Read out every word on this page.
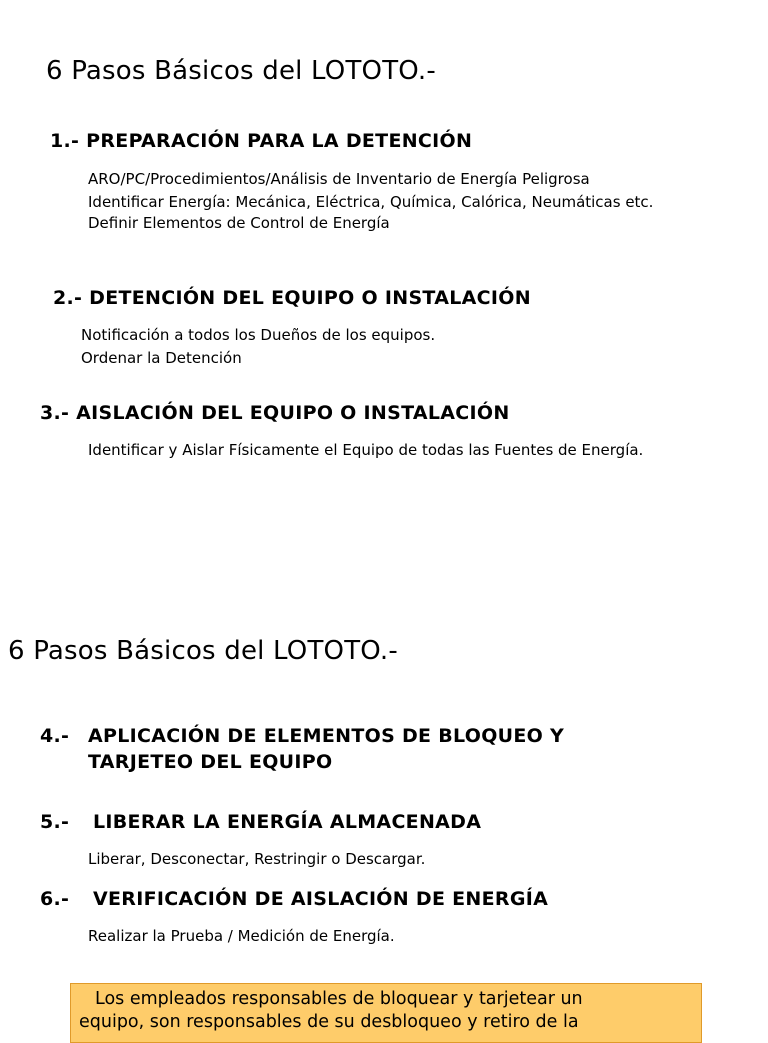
6 Pasos Básicos del LOTOTO.-
1.- PREPARACIÓN PARA LA DETENCIÓN
ARO/PC/Procedimientos/Análisis de Inventario de Energía Peligrosa
Identificar Energía: Mecánica, Eléctrica, Química, Calórica, Neumáticas etc.
Definir Elementos de Control de Energía
2.- DETENCIÓN DEL EQUIPO O INSTALACIÓN
Notificación a todos los Dueños de los equipos.
Ordenar la Detención
3.- AISLACIÓN DEL EQUIPO O INSTALACIÓN
Identificar y Aislar Físicamente el Equipo de todas las Fuentes de Energía.
6 Pasos Básicos del LOTOTO.-
4.- APLICACIÓN DE ELEMENTOS DE BLOQUEO Y
TARJETEO DEL EQUIPO
5.- LIBERAR LA ENERGÍA ALMACENADA
Liberar, Desconectar, Restringir o Descargar.
6.- VERIFICACIÓN DE AISLACIÓN DE ENERGÍA
Realizar la Prueba / Medición de Energía.
Los empleados responsables de bloquear y tarjetear un
equipo, son responsables de su desbloqueo y retiro de la
